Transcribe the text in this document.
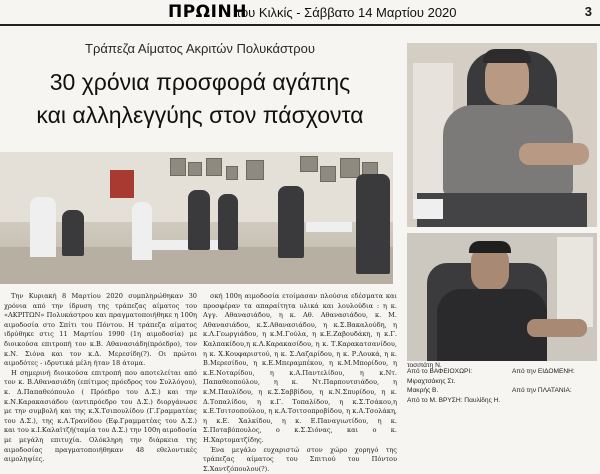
ΠΡΩΙΝΗ
του Κιλκίς - Σάββατο 14 Μαρτίου 2020	3
Τράπεζα Αίματος Ακριτών Πολυκάστρου
30 χρόνια προσφορά αγάπης
και αλληλεγγύης στον πάσχοντα

Την Κυριακή 8 Μαρτίου 2020 συμπληρώθηκαν 30 χρόνια από την ίδρυση της τράπεζας αίματος του «ΑΚΡΙΤΩΝ» Πολυκάστρου και πραγματοποιήθηκε η 100η αιμοδοσία στο Σπίτι του Πόντου. Η τράπεζα αίματος ιδρύθηκε στις 11 Μαρτίου 1990 (1η αιμοδοσία) με διοικούσα επιτροπή τον κ.Β. Αθανασιάδη(πρόεδρο), τον κ.Ν. Σιόνα και τον κ.Δ. Μερεσίδη(?). Οι πρώτοι αιμοδότες - ιδρυτικά μέλη ήταν 18 άτομα.

Η σημερινή διοικούσα επιτροπή που αποτελείται από τον κ. Β.Αθανασιάδη (επίτιμος πρόεδρος του Συλλόγου), κ. Δ.Παπαθεόπουλο ( Πρόεδρο του Δ.Σ.) και την κ.Ν.Καρακασιάδου (αντιπρόεδρο του Δ.Σ.) διοργάνωσε με την συμβολή και της κ.Χ.Τσιπουλίδου (Γ.Γραμματέας του Δ.Σ.), της κ.Λ.Τρανίδου (Εφ.Γραμματέας του Δ.Σ.) και του κ.Ι.Καλαϊτζή(ταμία του Δ.Σ.) την 100η αιμοδοσία με μεγάλη επιτυχία. Ολόκληρη την διάρκεια της αιμοδοσίας πραγματοποιήθηκαν 48 εθελοντικές αιμοληψίες.

σκή 100η αιμοδοσία ετοίμασαν πλούσια εδέσματα και προσφέραν τα απαραίτητα υλικά και λουλούδια : η κ. Αγγ. Αθανασιάδου, η κ. Αθ. Αθανασιάδου, κ. Μ. Αθανασιάδου, κ.Σ.Αθανασιάδου, η κ.Σ.Βακαλούδη, η κ.Λ.Γεωργιάδου, η κ.Μ.Γούλα, η κ.Ε.Ζαβουδάκη, η κ.Γ. Καλπακίδου,η κ.Λ.Καρακασίδου, η κ. Τ.Καρακατσανίδου, η κ. Χ.Κουφαριστού, η κ. Σ.Λαζαρίδου, η κ. Ρ.Λουκά, η κ. Β.Μερεσίδου, η κ.Ε.Μπεραμπέκου, η κ.Μ.Μπορίδου, η κ.Ε.Νοταρίδου, η κ.Α.Παντελίδου, η κ.Ντ. Παπαθεοπούλου, η κ. Ντ.Παρπουτσιάδου, η κ.Μ.Παυλίδου, η κ.Σ.Σαββίδου, η κ.Ν.Σπυρίδου, η κ. Δ.Τοπαλίδου, η κ.Γ. Τοπαλίδου, η κ.Σ.Τσάκου,η κ.Ε.Τσιτσοπούλου, η κ.Α.Τσιτσοπροβίδου, η κ.Α.Τσολάκη, η κ.Ε. Χαλκίδου, η κ. Ε.Παναγιωτίδου, η κ. Σ.Ποταβόπουλος, ο κ.Σ.Σιόνας, και ο κ. Η.Χαρτοματζίδης.

Ένα μεγάλο ευχαριστώ στον χώρο χορηγό της τράπεζας αίματος του Σπιτιού του Πόντου Σ.Χαντζόπουλου(?).

τοσιπάτη Ν.
Από το ΒΑΦΕΙΟΧΩΡΙ: Μιραχτσάκης Στ.
Μακρής Β.
Από το Μ. ΒΡΥΣΗ: Παυλίδης Η.
Από την ΕΙΔΟΜΕΝΗ:

Από την ΠΛΑΤΑΝΙΑ:
